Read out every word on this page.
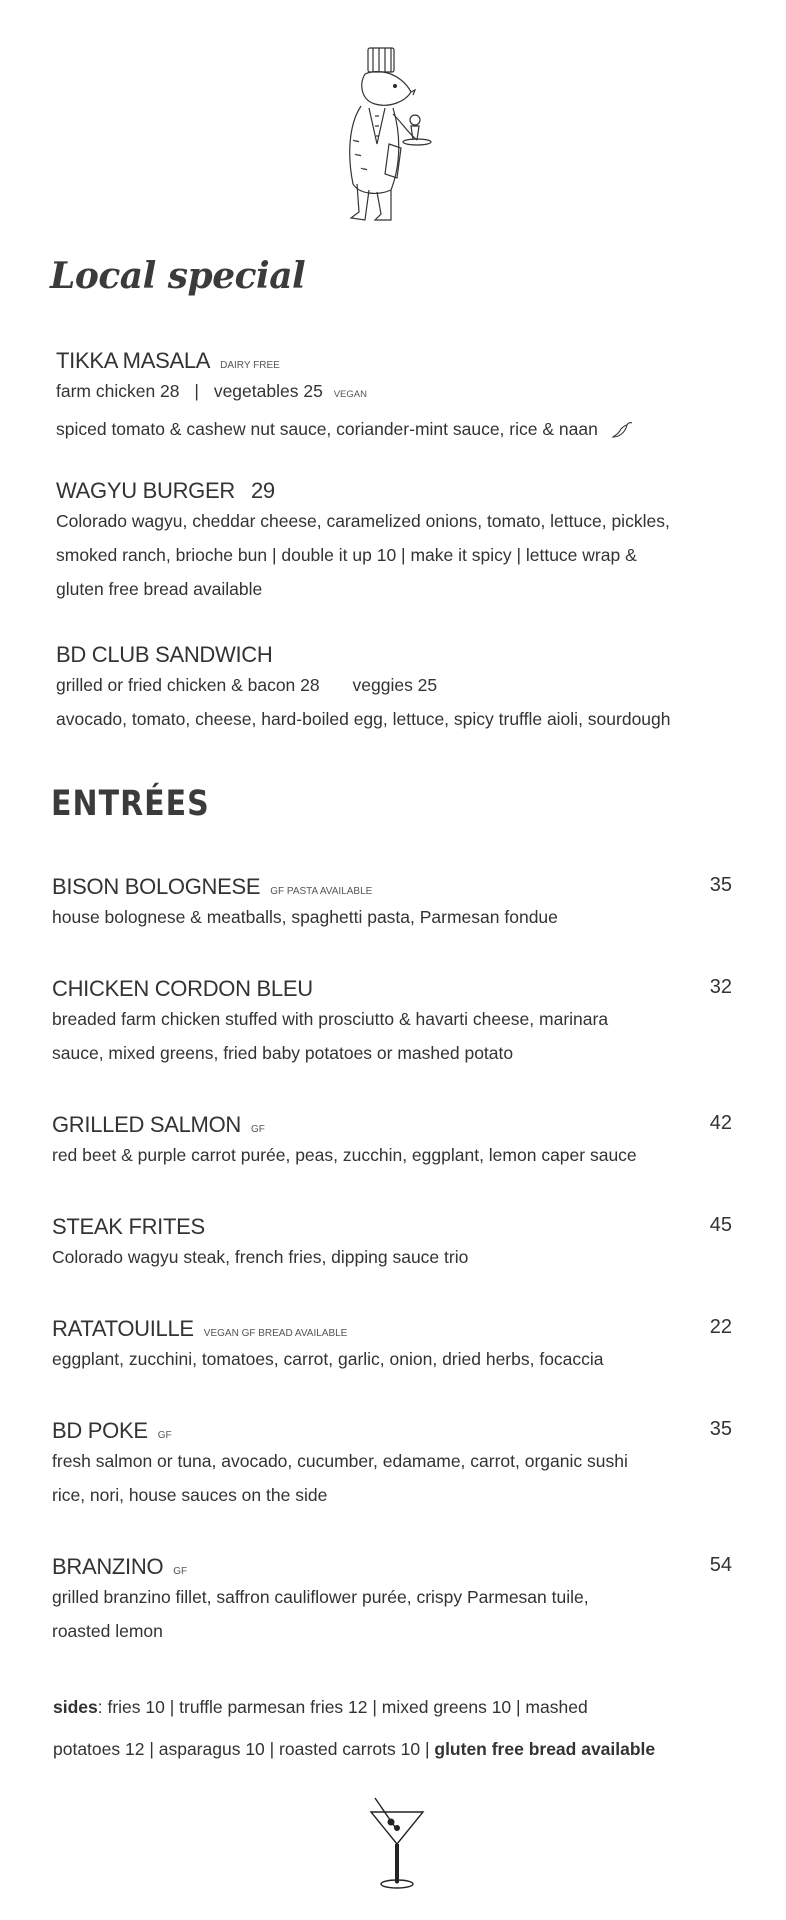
Local special
TIKKA MASALA DAIRY FREE
farm chicken 28 | vegetables 25 VEGAN
spiced tomato & cashew nut sauce, coriander-mint sauce, rice & naan
WAGYU BURGER 29
Colorado wagyu, cheddar cheese, caramelized onions, tomato, lettuce, pickles,
smoked ranch, brioche bun | double it up 10 | make it spicy | lettuce wrap &
gluten free bread available
BD CLUB SANDWICH
grilled or fried chicken & bacon 28 veggies 25
avocado, tomato, cheese, hard-boiled egg, lettuce, spicy truffle aioli, sourdough
ENTRÉES
BISON BOLOGNESE GF PASTA AVAILABLE
house bolognese & meatballs, spaghetti pasta, Parmesan fondue
35
CHICKEN CORDON BLEU
breaded farm chicken stuffed with prosciutto & havarti cheese, marinara
sauce, mixed greens, fried baby potatoes or mashed potato
32
GRILLED SALMON GF
red beet & purple carrot purée, peas, zucchin, eggplant, lemon caper sauce
42
STEAK FRITES
Colorado wagyu steak, french fries, dipping sauce trio
45
RATATOUILLE VEGAN GF BREAD AVAILABLE
eggplant, zucchini, tomatoes, carrot, garlic, onion, dried herbs, focaccia
22
BD POKE GF
fresh salmon or tuna, avocado, cucumber, edamame, carrot, organic sushi
rice, nori, house sauces on the side
35
BRANZINO GF
grilled branzino fillet, saffron cauliflower purée, crispy Parmesan tuile,
roasted lemon
54
sides: fries 10 | truffle parmesan fries 12 | mixed greens 10 | mashed
potatoes 12 | asparagus 10 | roasted carrots 10 | gluten free bread available
